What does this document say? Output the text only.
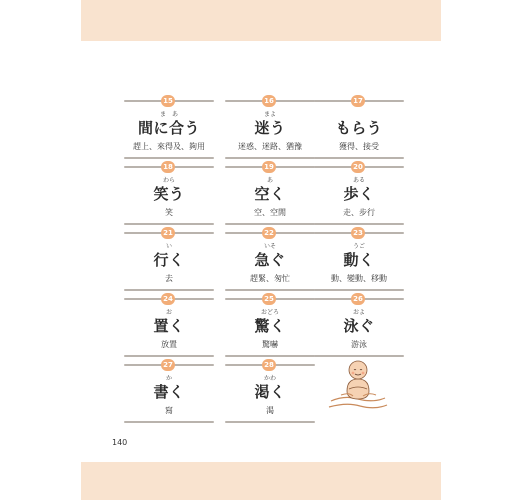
15
ま　あ
間に合う
趕上、來得及、夠用
16
まよ
迷う
迷惑、迷路、猶豫
17
もらう
獲得、接受
18
わら
笑う
笑
19
あ
空く
空、空閒
20
ある
歩く
走、步行
21
い
行く
去
22
いそ
急ぐ
趕緊、匆忙
23
うご
動く
動、變動、移動
24
お
置く
放置
25
おどろ
驚く
驚嚇
26
およ
泳ぐ
游泳
27
か
書く
寫
28
かわ
渇く
渴
140
